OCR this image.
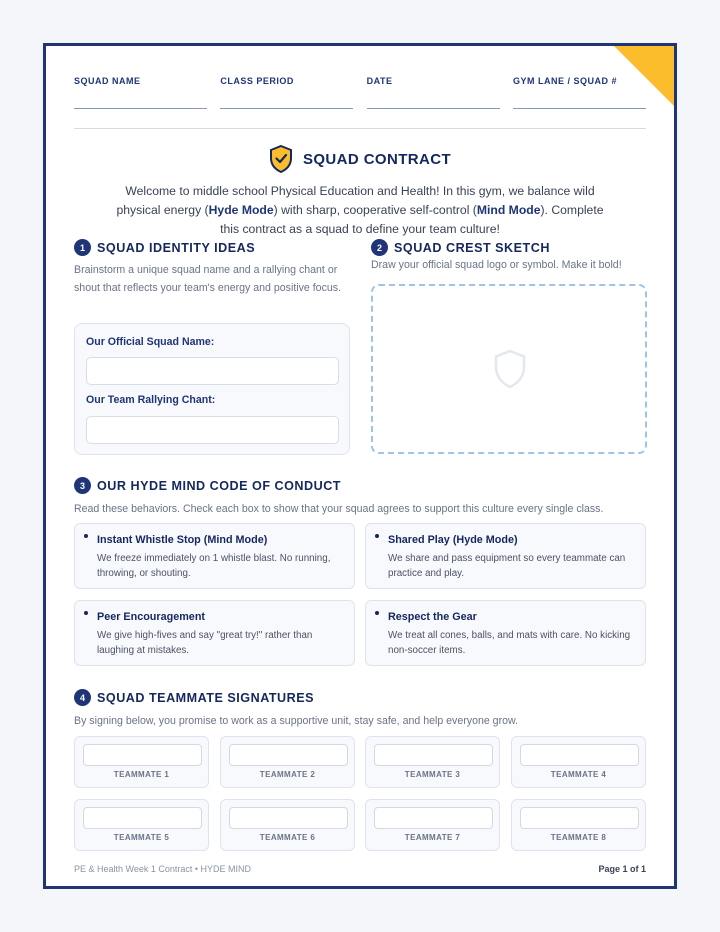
SQUAD NAME	CLASS PERIOD	DATE	GYM LANE / SQUAD #
SQUAD CONTRACT
Welcome to middle school Physical Education and Health! In this gym, we balance wild physical energy (Hyde Mode) with sharp, cooperative self-control (Mind Mode). Complete this contract as a squad to define your team culture!
1 SQUAD IDENTITY IDEAS
Brainstorm a unique squad name and a rallying chant or shout that reflects your team's energy and positive focus.
Our Official Squad Name:
Our Team Rallying Chant:
2 SQUAD CREST SKETCH
Draw your official squad logo or symbol. Make it bold!
3 OUR HYDE MIND CODE OF CONDUCT
Read these behaviors. Check each box to show that your squad agrees to support this culture every single class.
Instant Whistle Stop (Mind Mode)
We freeze immediately on 1 whistle blast. No running, throwing, or shouting.
Shared Play (Hyde Mode)
We share and pass equipment so every teammate can practice and play.
Peer Encouragement
We give high-fives and say "great try!" rather than laughing at mistakes.
Respect the Gear
We treat all cones, balls, and mats with care. No kicking non-soccer items.
4 SQUAD TEAMMATE SIGNATURES
By signing below, you promise to work as a supportive unit, stay safe, and help everyone grow.
TEAMMATE 1	TEAMMATE 2	TEAMMATE 3	TEAMMATE 4
TEAMMATE 5	TEAMMATE 6	TEAMMATE 7	TEAMMATE 8
PE & Health Week 1 Contract • HYDE MIND	Page 1 of 1
